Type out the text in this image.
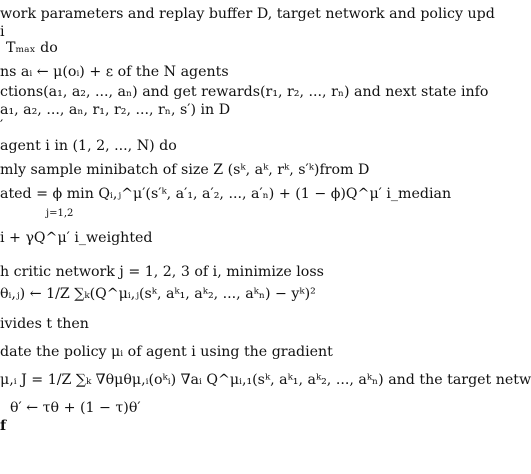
work parameters and replay buffer D, target network and policy upd
i
Tₘₐₓ do
ns aᵢ ← μ(oᵢ) + ε of the N agents
ctions(a₁, a₂, ..., aₙ) and get rewards(r₁, r₂, ..., rₙ) and next state info
a₁, a₂, ..., aₙ, r₁, r₂, ..., rₙ, s′) in D
′
agent i in (1, 2, ..., N) do
mly sample minibatch of size Z (sᵏ, aᵏ, rᵏ, s′ᵏ)from D
ated = ϕ min Qᵢ,ⱼ^μ′(s′ᵏ, a′₁, a′₂, ..., a′ₙ) + (1 − ϕ)Q^μ′ i_median
j=1,2
i + γQ^μ′ i_weighted
h critic network j = 1, 2, 3 of i, minimize loss
θᵢ,ⱼ) ← 1/Z ∑ₖ(Q^μᵢ,ⱼ(sᵏ, aᵏ₁, aᵏ₂, ..., aᵏₙ) − yᵏ)²
ivides t then
date the policy μᵢ of agent i using the gradient
μ,ᵢ J = 1/Z ∑ₖ ∇θμθμ,ᵢ(oᵏᵢ) ∇aᵢ Q^μᵢ,₁(sᵏ, aᵏ₁, aᵏ₂, ..., aᵏₙ) and the target netw
θ′ ← τθ + (1 − τ)θ′
f
